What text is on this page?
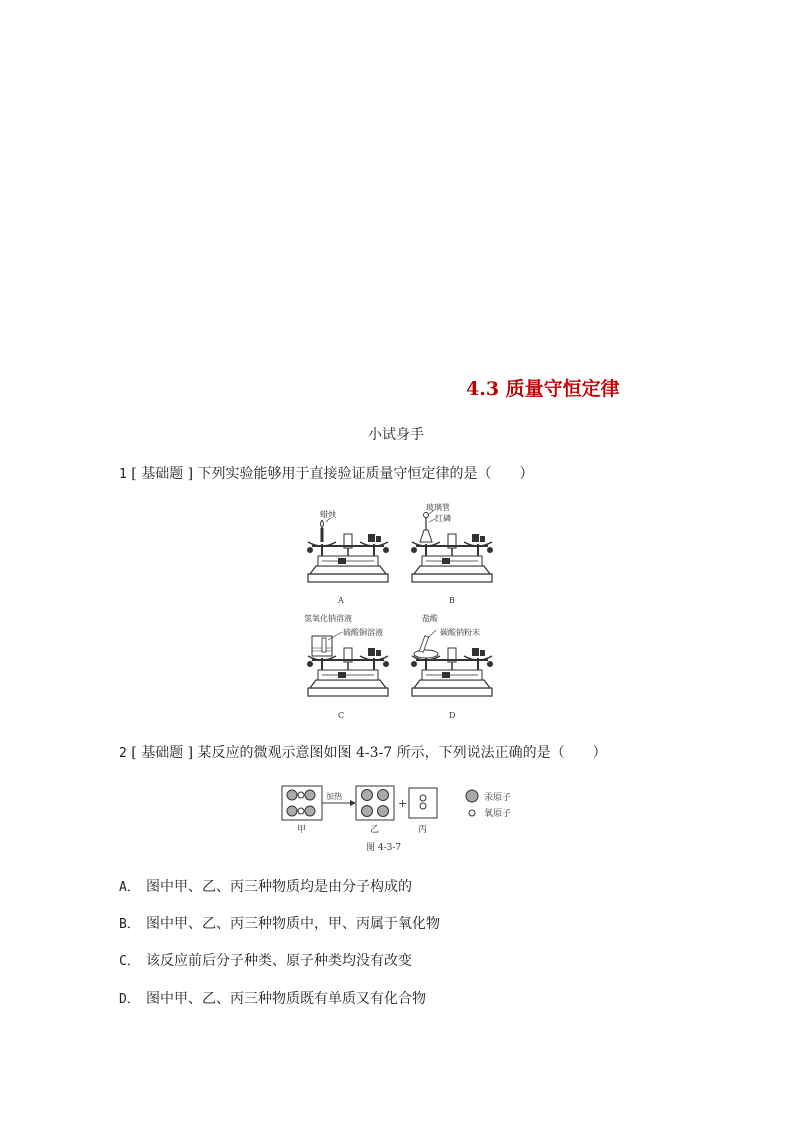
4.3 质量守恒定律
小试身手
1 [ 基础题 ] 下列实验能够用于直接验证质量守恒定律的是（　　）
蜡烛
A
玻璃管
红磷
B
氢氧化钠溶液
硫酸铜溶液
C
盐酸
碳酸钠粉末
D
2 [ 基础题 ] 某反应的微观示意图如图 4-3-7 所示，下列说法正确的是（　　）
加热
+	汞原子
氧原子
甲	乙	丙
图 4-3-7
A． 图中甲、乙、丙三种物质均是由分子构成的
B． 图中甲、乙、丙三种物质中，甲、丙属于氧化物
C． 该反应前后分子种类、原子种类均没有改变
D． 图中甲、乙、丙三种物质既有单质又有化合物
